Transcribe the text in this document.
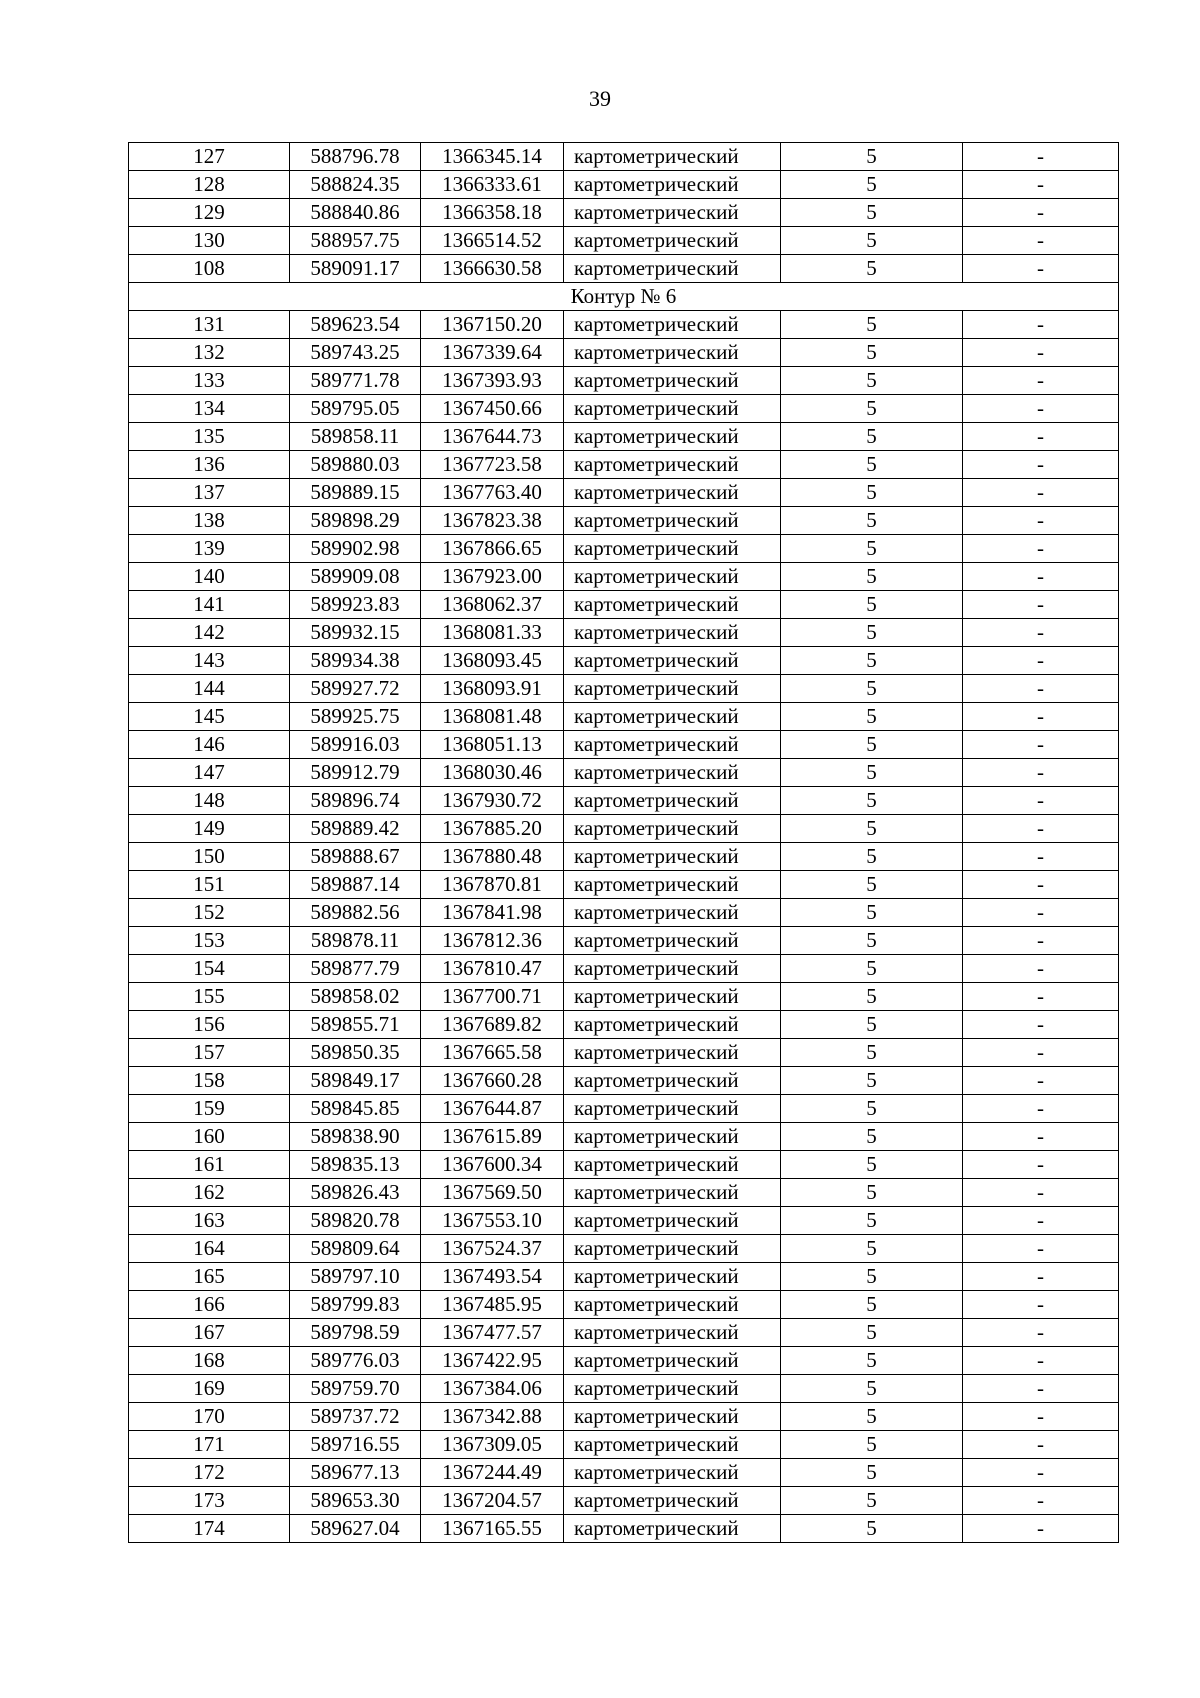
39
127	588796.78	1366345.14	картометрический	5	-
128	588824.35	1366333.61	картометрический	5	-
129	588840.86	1366358.18	картометрический	5	-
130	588957.75	1366514.52	картометрический	5	-
108	589091.17	1366630.58	картометрический	5	-
Контур № 6					
131	589623.54	1367150.20	картометрический	5	-
132	589743.25	1367339.64	картометрический	5	-
133	589771.78	1367393.93	картометрический	5	-
134	589795.05	1367450.66	картометрический	5	-
135	589858.11	1367644.73	картометрический	5	-
136	589880.03	1367723.58	картометрический	5	-
137	589889.15	1367763.40	картометрический	5	-
138	589898.29	1367823.38	картометрический	5	-
139	589902.98	1367866.65	картометрический	5	-
140	589909.08	1367923.00	картометрический	5	-
141	589923.83	1368062.37	картометрический	5	-
142	589932.15	1368081.33	картометрический	5	-
143	589934.38	1368093.45	картометрический	5	-
144	589927.72	1368093.91	картометрический	5	-
145	589925.75	1368081.48	картометрический	5	-
146	589916.03	1368051.13	картометрический	5	-
147	589912.79	1368030.46	картометрический	5	-
148	589896.74	1367930.72	картометрический	5	-
149	589889.42	1367885.20	картометрический	5	-
150	589888.67	1367880.48	картометрический	5	-
151	589887.14	1367870.81	картометрический	5	-
152	589882.56	1367841.98	картометрический	5	-
153	589878.11	1367812.36	картометрический	5	-
154	589877.79	1367810.47	картометрический	5	-
155	589858.02	1367700.71	картометрический	5	-
156	589855.71	1367689.82	картометрический	5	-
157	589850.35	1367665.58	картометрический	5	-
158	589849.17	1367660.28	картометрический	5	-
159	589845.85	1367644.87	картометрический	5	-
160	589838.90	1367615.89	картометрический	5	-
161	589835.13	1367600.34	картометрический	5	-
162	589826.43	1367569.50	картометрический	5	-
163	589820.78	1367553.10	картометрический	5	-
164	589809.64	1367524.37	картометрический	5	-
165	589797.10	1367493.54	картометрический	5	-
166	589799.83	1367485.95	картометрический	5	-
167	589798.59	1367477.57	картометрический	5	-
168	589776.03	1367422.95	картометрический	5	-
169	589759.70	1367384.06	картометрический	5	-
170	589737.72	1367342.88	картометрический	5	-
171	589716.55	1367309.05	картометрический	5	-
172	589677.13	1367244.49	картометрический	5	-
173	589653.30	1367204.57	картометрический	5	-
174	589627.04	1367165.55	картометрический	5	-
